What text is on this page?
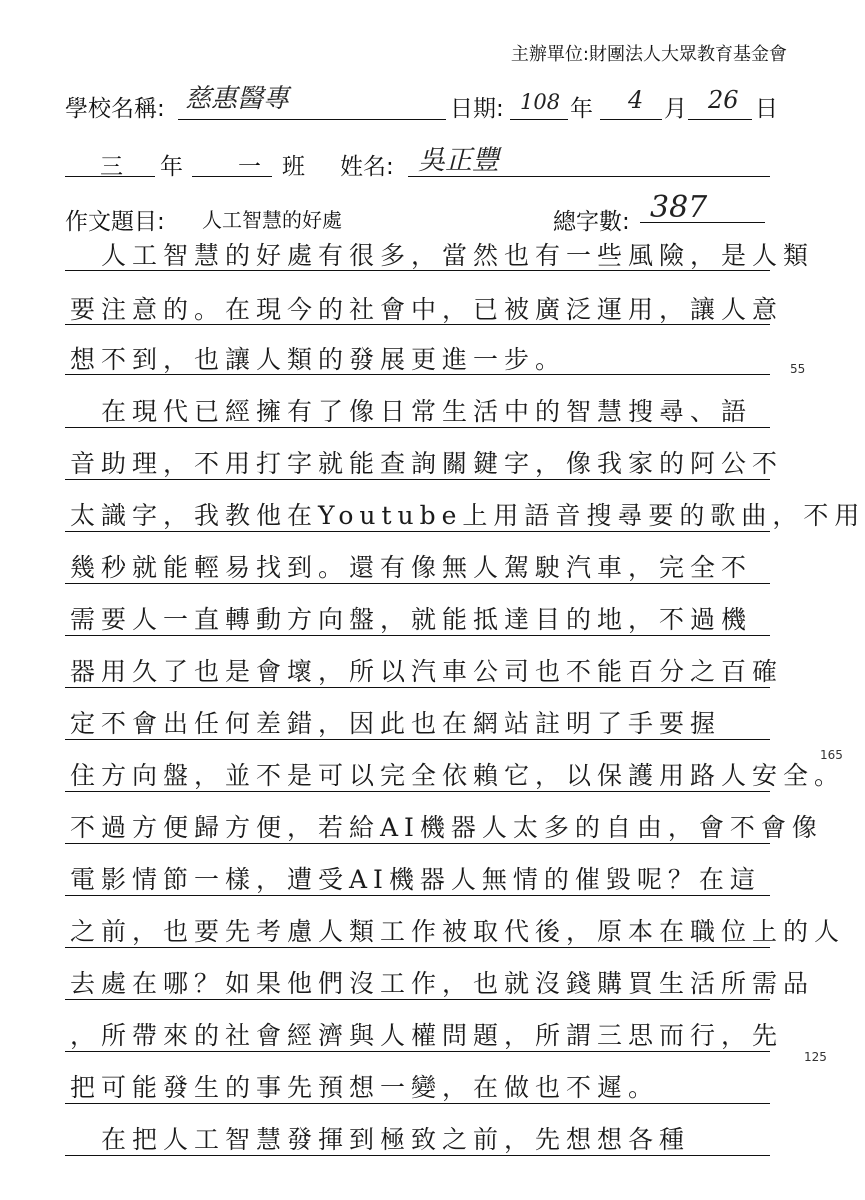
主辦單位:財團法人大眾教育基金會
學校名稱: 慈惠醫專	日期: 108 年 4 月 26 日
三 年 一 班 姓名: 吳正豐
作文題目: 人工智慧的好處	總字數: 387
　人工智慧的好處有很多，當然也有一些風險，是人類
要注意的。在現今的社會中，已被廣泛運用，讓人意
想不到，也讓人類的發展更進一步。
　在現代已經擁有了像日常生活中的智慧搜尋、語
音助理，不用打字就能查詢關鍵字，像我家的阿公不
太識字，我教他在Youtube上用語音搜尋要的歌曲，不用
幾秒就能輕易找到。還有像無人駕駛汽車，完全不
需要人一直轉動方向盤，就能抵達目的地，不過機
器用久了也是會壞，所以汽車公司也不能百分之百確
定不會出任何差錯，因此也在網站註明了手要握
住方向盤，並不是可以完全依賴它，以保護用路人安全。
不過方便歸方便，若給AI機器人太多的自由，會不會像
電影情節一樣，遭受AI機器人無情的催毀呢？在這
之前，也要先考慮人類工作被取代後，原本在職位上的人
去處在哪？如果他們沒工作，也就沒錢購買生活所需品
，所帶來的社會經濟與人權問題，所謂三思而行，先
把可能發生的事先預想一變，在做也不遲。
　在把人工智慧發揮到極致之前，先想想各種
55
165
125
